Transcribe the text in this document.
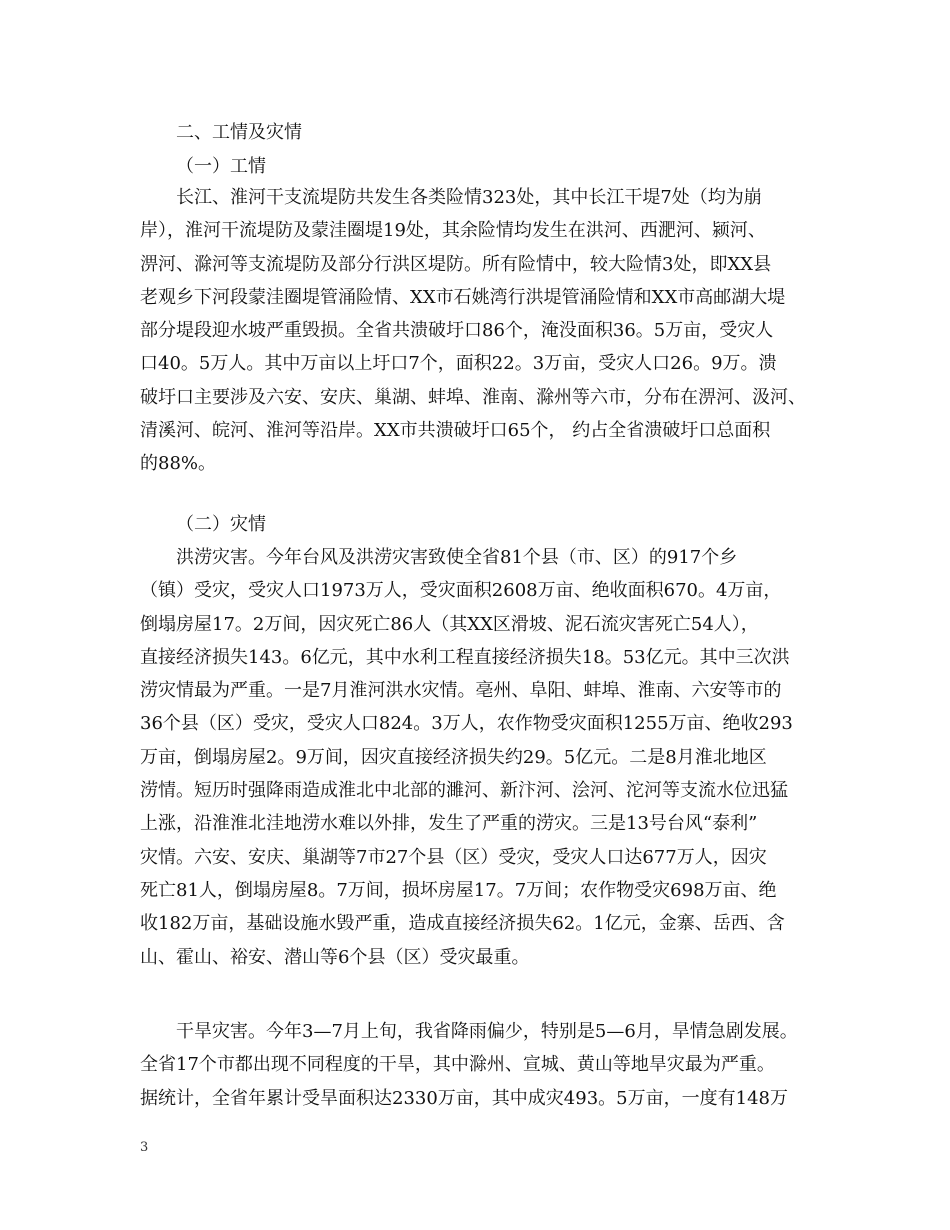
二、工情及灾情
（一）工情
长江、淮河干支流堤防共发生各类险情323处，其中长江干堤7处（均为崩
岸），淮河干流堤防及蒙洼圈堤19处，其余险情均发生在洪河、西淝河、颍河、
淠河、滁河等支流堤防及部分行洪区堤防。所有险情中，较大险情3处，即XX县
老观乡下河段蒙洼圈堤管涌险情、XX市石姚湾行洪堤管涌险情和XX市高邮湖大堤
部分堤段迎水坡严重毁损。全省共溃破圩口86个，淹没面积36。5万亩，受灾人
口40。5万人。其中万亩以上圩口7个，面积22。3万亩，受灾人口26。9万。溃
破圩口主要涉及六安、安庆、巢湖、蚌埠、淮南、滁州等六市，分布在淠河、汲河、
清溪河、皖河、淮河等沿岸。XX市共溃破圩口65个， 约占全省溃破圩口总面积
的88%。
（二）灾情
洪涝灾害。今年台风及洪涝灾害致使全省81个县（市、区）的917个乡
（镇）受灾，受灾人口1973万人，受灾面积2608万亩、绝收面积670。4万亩，
倒塌房屋17。2万间，因灾死亡86人（其XX区滑坡、泥石流灾害死亡54人），
直接经济损失143。6亿元，其中水利工程直接经济损失18。53亿元。其中三次洪
涝灾情最为严重。一是7月淮河洪水灾情。亳州、阜阳、蚌埠、淮南、六安等市的
36个县（区）受灾，受灾人口824。3万人，农作物受灾面积1255万亩、绝收293
万亩，倒塌房屋2。9万间，因灾直接经济损失约29。5亿元。二是8月淮北地区
涝情。短历时强降雨造成淮北中北部的濉河、新汴河、浍河、沱河等支流水位迅猛
上涨，沿淮淮北洼地涝水难以外排，发生了严重的涝灾。三是13号台风“泰利”
灾情。六安、安庆、巢湖等7市27个县（区）受灾，受灾人口达677万人，因灾
死亡81人，倒塌房屋8。7万间，损坏房屋17。7万间；农作物受灾698万亩、绝
收182万亩，基础设施水毁严重，造成直接经济损失62。1亿元，金寨、岳西、含
山、霍山、裕安、潜山等6个县（区）受灾最重。
干旱灾害。今年3—7月上旬，我省降雨偏少，特别是5—6月，旱情急剧发展。
全省17个市都出现不同程度的干旱，其中滁州、宣城、黄山等地旱灾最为严重。
据统计，全省年累计受旱面积达2330万亩，其中成灾493。5万亩，一度有148万
3
